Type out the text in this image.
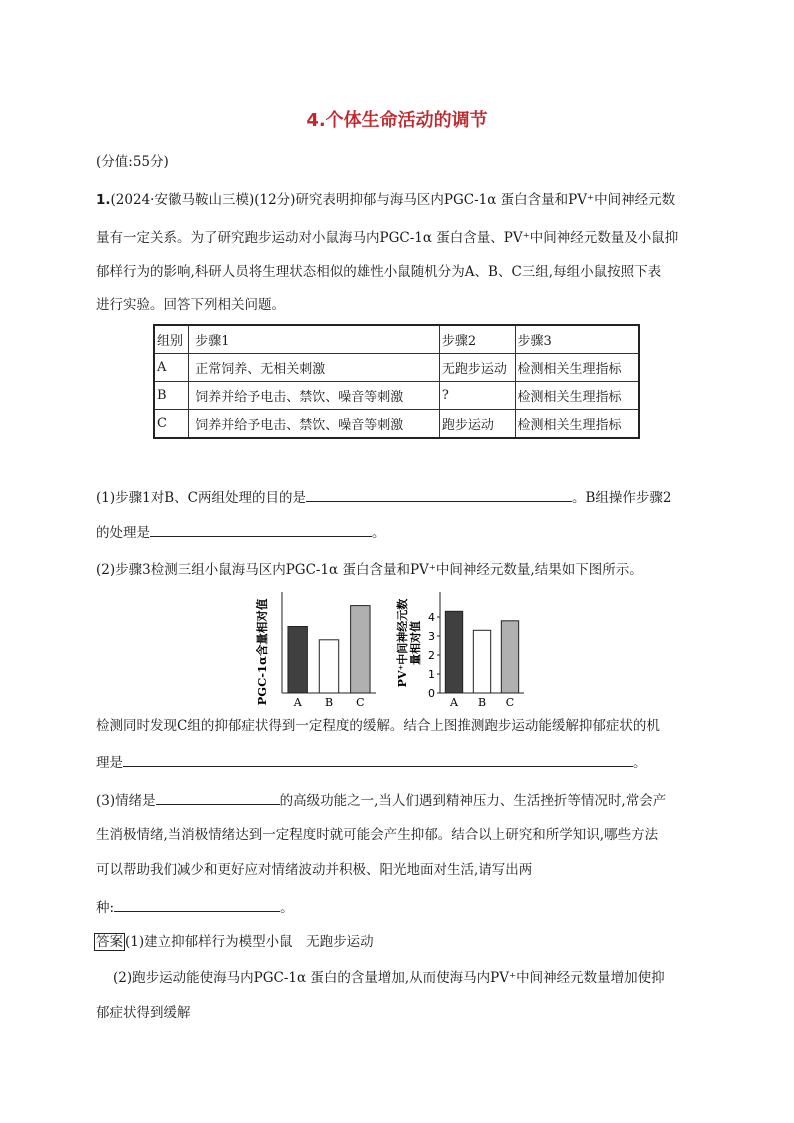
4.个体生命活动的调节
(分值:55分)
1.(2024·安徽马鞍山三模)(12分)研究表明抑郁与海马区内PGC-1α 蛋白含量和PV⁺中间神经元数
量有一定关系。为了研究跑步运动对小鼠海马内PGC-1α 蛋白含量、PV⁺中间神经元数量及小鼠抑
郁样行为的影响,科研人员将生理状态相似的雄性小鼠随机分为A、B、C三组,每组小鼠按照下表
进行实验。回答下列相关问题。
组别	步骤1	步骤2	步骤3
A	正常饲养、无相关刺激	无跑步运动	检测相关生理指标
B	饲养并给予电击、禁饮、噪音等刺激	?	检测相关生理指标
C	饲养并给予电击、禁饮、噪音等刺激	跑步运动	检测相关生理指标
(1)步骤1对B、C两组处理的目的是	。B组操作步骤2
的处理是	。
(2)步骤3检测三组小鼠海马区内PGC-1α 蛋白含量和PV⁺中间神经元数量,结果如下图所示。
PGC-1α含量相对值 A B C
PV⁺中间神经元数 量相对值
0
1
2
3
4
A B C
检测同时发现C组的抑郁症状得到一定程度的缓解。结合上图推测跑步运动能缓解抑郁症状的机
理是	。
(3)情绪是	的高级功能之一,当人们遇到精神压力、生活挫折等情况时,常会产
生消极情绪,当消极情绪达到一定程度时就可能会产生抑郁。结合以上研究和所学知识,哪些方法
可以帮助我们减少和更好应对情绪波动并积极、阳光地面对生活,请写出两
种:	。
答案 (1)建立抑郁样行为模型小鼠　无跑步运动
(2)跑步运动能使海马内PGC-1α 蛋白的含量增加,从而使海马内PV⁺中间神经元数量增加使抑
郁症状得到缓解
